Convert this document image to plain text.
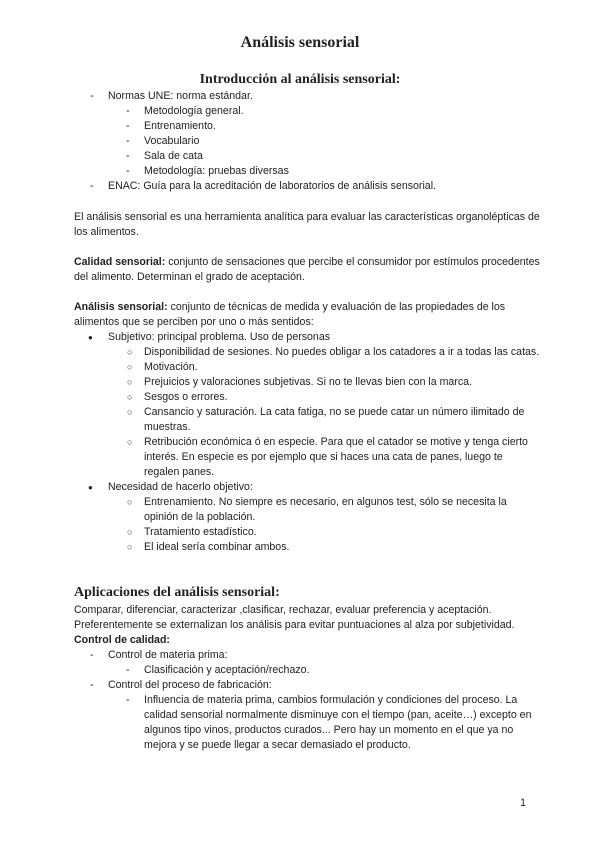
Análisis sensorial
Introducción al análisis sensorial:
- Normas UNE: norma estándar.
- Metodología general.
- Entrenamiento.
- Vocabulario
- Sala de cata
- Metodología: pruebas diversas
- ENAC: Guía para la acreditación de laboratorios de análisis sensorial.

El análisis sensorial es una herramienta analítica para evaluar las características organolépticas de los alimentos.

Calidad sensorial: conjunto de sensaciones que percibe el consumidor por estímulos procedentes del alimento. Determinan el grado de aceptación.

Análisis sensorial: conjunto de técnicas de medida y evaluación de las propiedades de los alimentos que se perciben por uno o más sentidos:

● Subjetivo: principal problema. Uso de personas
○ Disponibilidad de sesiones. No puedes obligar a los catadores a ir a todas las catas.
○ Motivación.
○ Prejuicios y valoraciones subjetivas. Si no te llevas bien con la marca.
○ Sesgos o errores.
○ Cansancio y saturación. La cata fatiga, no se puede catar un número ilimitado de muestras.
○ Retribución económica ó en especie. Para que el catador se motive y tenga cierto interés. En especie es por ejemplo que si haces una cata de panes, luego te regalen panes.
● Necesidad de hacerlo objetivo:
○ Entrenamiento. No siempre es necesario, en algunos test, sólo se necesita la opinión de la población.
○ Tratamiento estadístico.
○ El ideal sería combinar ambos.
Aplicaciones del análisis sensorial:

Comparar, diferenciar, caracterizar ,clasificar, rechazar, evaluar preferencia y aceptación.

Preferentemente se externalizan los análisis para evitar puntuaciones al alza por subjetividad.

Control de calidad:

- Control de materia prima:
- Clasificación y aceptación/rechazo.
- Control del proceso de fabricación:
- Influencia de materia prima, cambios formulación y condiciones del proceso. La calidad sensorial normalmente disminuye con el tiempo (pan, aceite…) excepto en algunos tipo vinos, productos curados... Pero hay un momento en el que ya no mejora y se puede llegar a secar demasiado el producto.
1
